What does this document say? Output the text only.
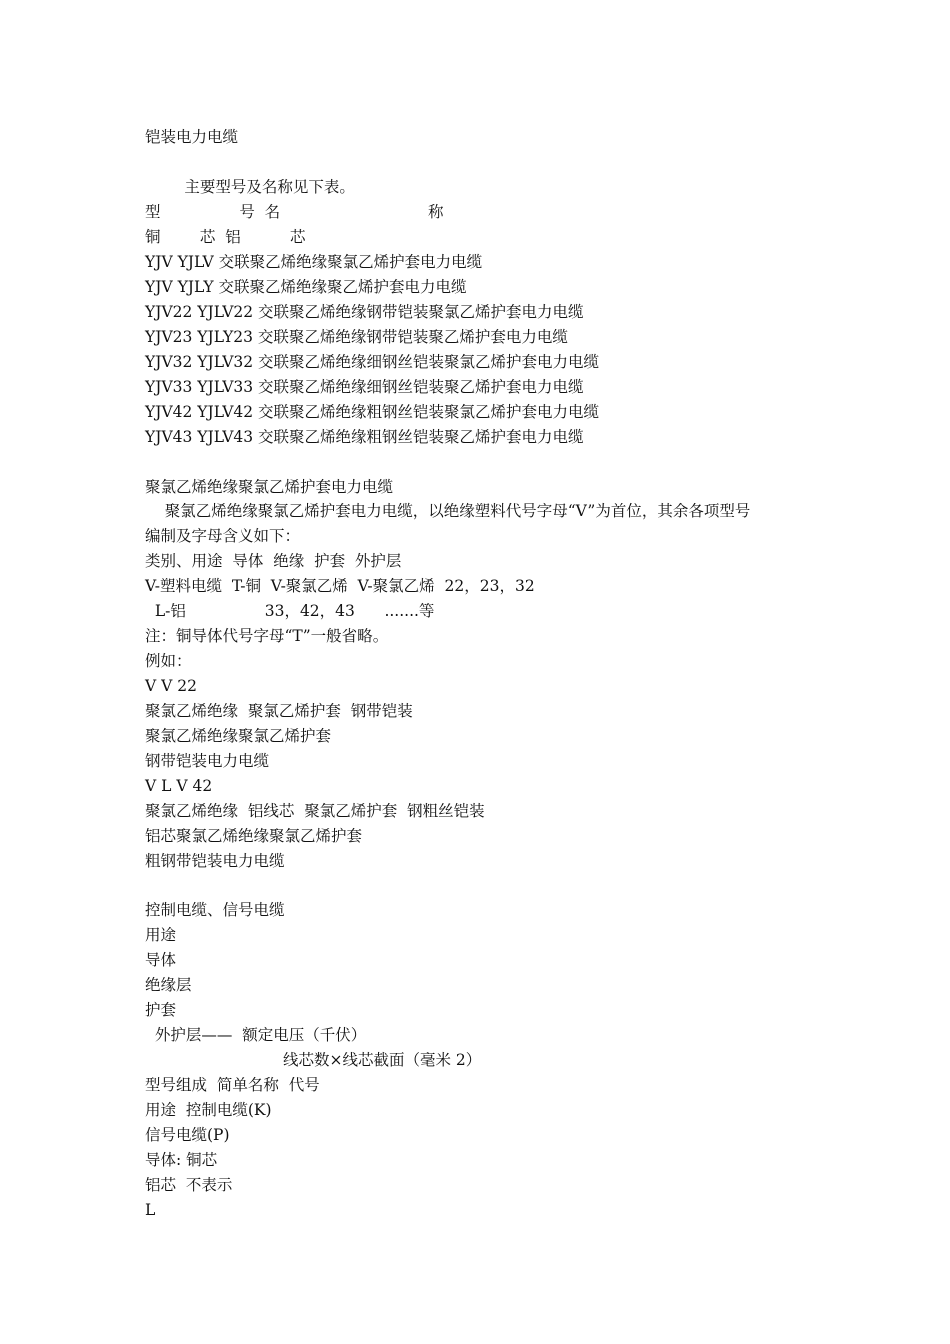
铠装电力电缆
主要型号及名称见下表。
型                号  名                              称
铜        芯  铝          芯
YJV YJLV 交联聚乙烯绝缘聚氯乙烯护套电力电缆
YJV YJLY 交联聚乙烯绝缘聚乙烯护套电力电缆
YJV22 YJLV22 交联聚乙烯绝缘钢带铠装聚氯乙烯护套电力电缆
YJV23 YJLY23 交联聚乙烯绝缘钢带铠装聚乙烯护套电力电缆
YJV32 YJLV32 交联聚乙烯绝缘细钢丝铠装聚氯乙烯护套电力电缆
YJV33 YJLV33 交联聚乙烯绝缘细钢丝铠装聚乙烯护套电力电缆
YJV42 YJLV42 交联聚乙烯绝缘粗钢丝铠装聚氯乙烯护套电力电缆
YJV43 YJLV43 交联聚乙烯绝缘粗钢丝铠装聚乙烯护套电力电缆
聚氯乙烯绝缘聚氯乙烯护套电力电缆
聚氯乙烯绝缘聚氯乙烯护套电力电缆，以绝缘塑料代号字母“V”为首位，其余各项型号
编制及字母含义如下：
类别、用途  导体  绝缘  护套  外护层
V-塑料电缆  T-铜  V-聚氯乙烯  V-聚氯乙烯  22，23，32
L-铝                33，42，43      .......等
注：铜导体代号字母“T”一般省略。
例如：
V V 22
聚氯乙烯绝缘  聚氯乙烯护套  钢带铠装
聚氯乙烯绝缘聚氯乙烯护套
钢带铠装电力电缆
V L V 42
聚氯乙烯绝缘  铝线芯  聚氯乙烯护套  钢粗丝铠装
铝芯聚氯乙烯绝缘聚氯乙烯护套
粗钢带铠装电力电缆
控制电缆、信号电缆
用途
导体
绝缘层
护套
外护层——  额定电压（千伏）
线芯数×线芯截面（毫米 2）
型号组成  简单名称  代号
用途  控制电缆(K)
信号电缆(P)
导体: 铜芯
铝芯  不表示
L
